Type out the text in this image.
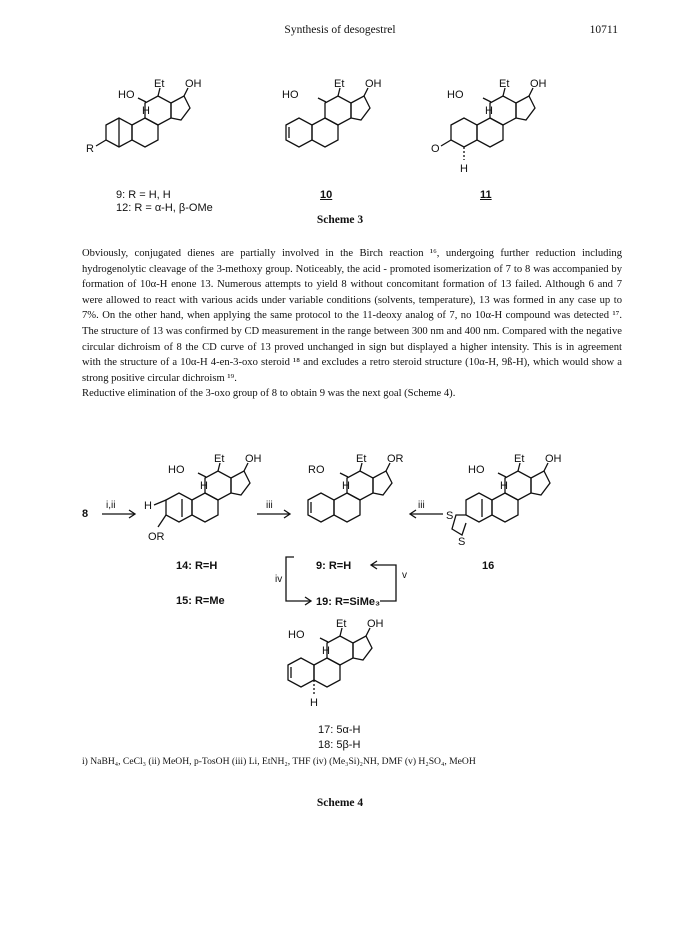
Synthesis of desogestrel	10711
HO
Et OH
H
R
9: R = H, H
12: R = α-H, β-OMe
HO
Et OH
10
HO
Et OH
H
H
O
11
Scheme 3

Obviously, conjugated dienes are partially involved in the Birch reaction ¹⁶, undergoing further reduction including hydrogenolytic cleavage of the 3-methoxy group. Noticeably, the acid - promoted isomerization of 7 to 8 was accompanied by formation of 10α-H enone 13. Numerous attempts to yield 8 without concomitant formation of 13 failed. Although 6 and 7 were allowed to react with various acids under variable conditions (solvents, temperature), 13 was formed in any case up to 7%. On the other hand, when applying the same protocol to the 11-deoxy analog of 7, no 10α-H compound was detected ¹⁷. The structure of 13 was confirmed by CD measurement in the range between 300 nm and 400 nm. Compared with the negative circular dichroism of 8 the CD curve of 13 proved unchanged in sign but displayed a higher intensity. This is in agreement with the structure of a 10α-H 4-en-3-oxo steroid ¹⁸ and excludes a retro steroid structure (10α-H, 9ß-H), which would show a strong positive circular dichroism ¹⁹.

Reductive elimination of the 3-oxo group of 8 to obtain 9 was the next goal (Scheme 4).

8
i,ii
HO
Et OH
H
H
OR
iii
RO
Et OR
H
iii
HO
Et OH
H
S
S
14: R=H
15: R=Me
9: R=H
19: R=SiMe₃
16
iv	v
HO
Et OH
H
H
17: 5α-H
18: 5β-H
i) NaBH₄, CeCl₃ (ii) MeOH, p-TosOH (iii) Li, EtNH₂, THF (iv) (Me₃Si)₂NH, DMF (v) H₂SO₄, MeOH
Scheme 4
